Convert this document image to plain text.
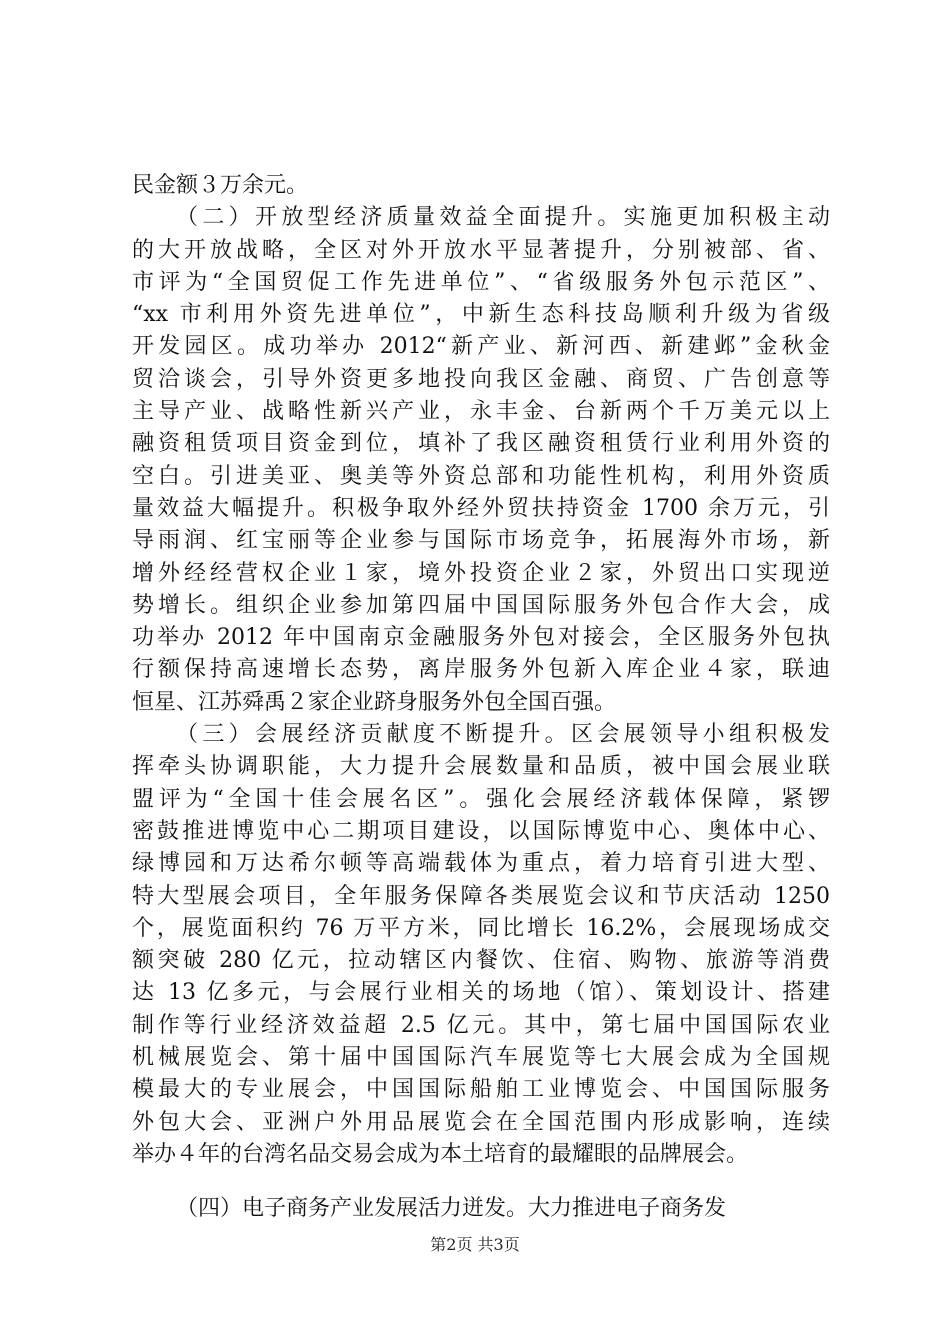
民金额３万余元。
（二）开放型经济质量效益全面提升。实施更加积极主动
的大开放战略，全区对外开放水平显著提升，分别被部、省、
市评为“全国贸促工作先进单位”、“省级服务外包示范区”、
“xx 市利用外资先进单位”，中新生态科技岛顺利升级为省级
开发园区。成功举办 2012“新产业、新河西、新建邺”金秋金
贸洽谈会，引导外资更多地投向我区金融、商贸、广告创意等
主导产业、战略性新兴产业，永丰金、台新两个千万美元以上
融资租赁项目资金到位，填补了我区融资租赁行业利用外资的
空白。引进美亚、奥美等外资总部和功能性机构，利用外资质
量效益大幅提升。积极争取外经外贸扶持资金 1700 余万元，引
导雨润、红宝丽等企业参与国际市场竞争，拓展海外市场，新
增外经经营权企业１家，境外投资企业２家，外贸出口实现逆
势增长。组织企业参加第四届中国国际服务外包合作大会，成
功举办 2012 年中国南京金融服务外包对接会，全区服务外包执
行额保持高速增长态势，离岸服务外包新入库企业４家，联迪
恒星、江苏舜禹２家企业跻身服务外包全国百强。
（三）会展经济贡献度不断提升。区会展领导小组积极发
挥牵头协调职能，大力提升会展数量和品质，被中国会展业联
盟评为“全国十佳会展名区”。强化会展经济载体保障，紧锣
密鼓推进博览中心二期项目建设，以国际博览中心、奥体中心、
绿博园和万达希尔顿等高端载体为重点，着力培育引进大型、
特大型展会项目，全年服务保障各类展览会议和节庆活动 1250
个，展览面积约 76 万平方米，同比增长 16.2%，会展现场成交
额突破 280 亿元，拉动辖区内餐饮、住宿、购物、旅游等消费
达 13 亿多元，与会展行业相关的场地（馆）、策划设计、搭建
制作等行业经济效益超 2.5 亿元。其中，第七届中国国际农业
机械展览会、第十届中国国际汽车展览等七大展会成为全国规
模最大的专业展会，中国国际船舶工业博览会、中国国际服务
外包大会、亚洲户外用品展览会在全国范围内形成影响，连续
举办４年的台湾名品交易会成为本土培育的最耀眼的品牌展会。
（四）电子商务产业发展活力迸发。大力推进电子商务发
第2页 共3页
